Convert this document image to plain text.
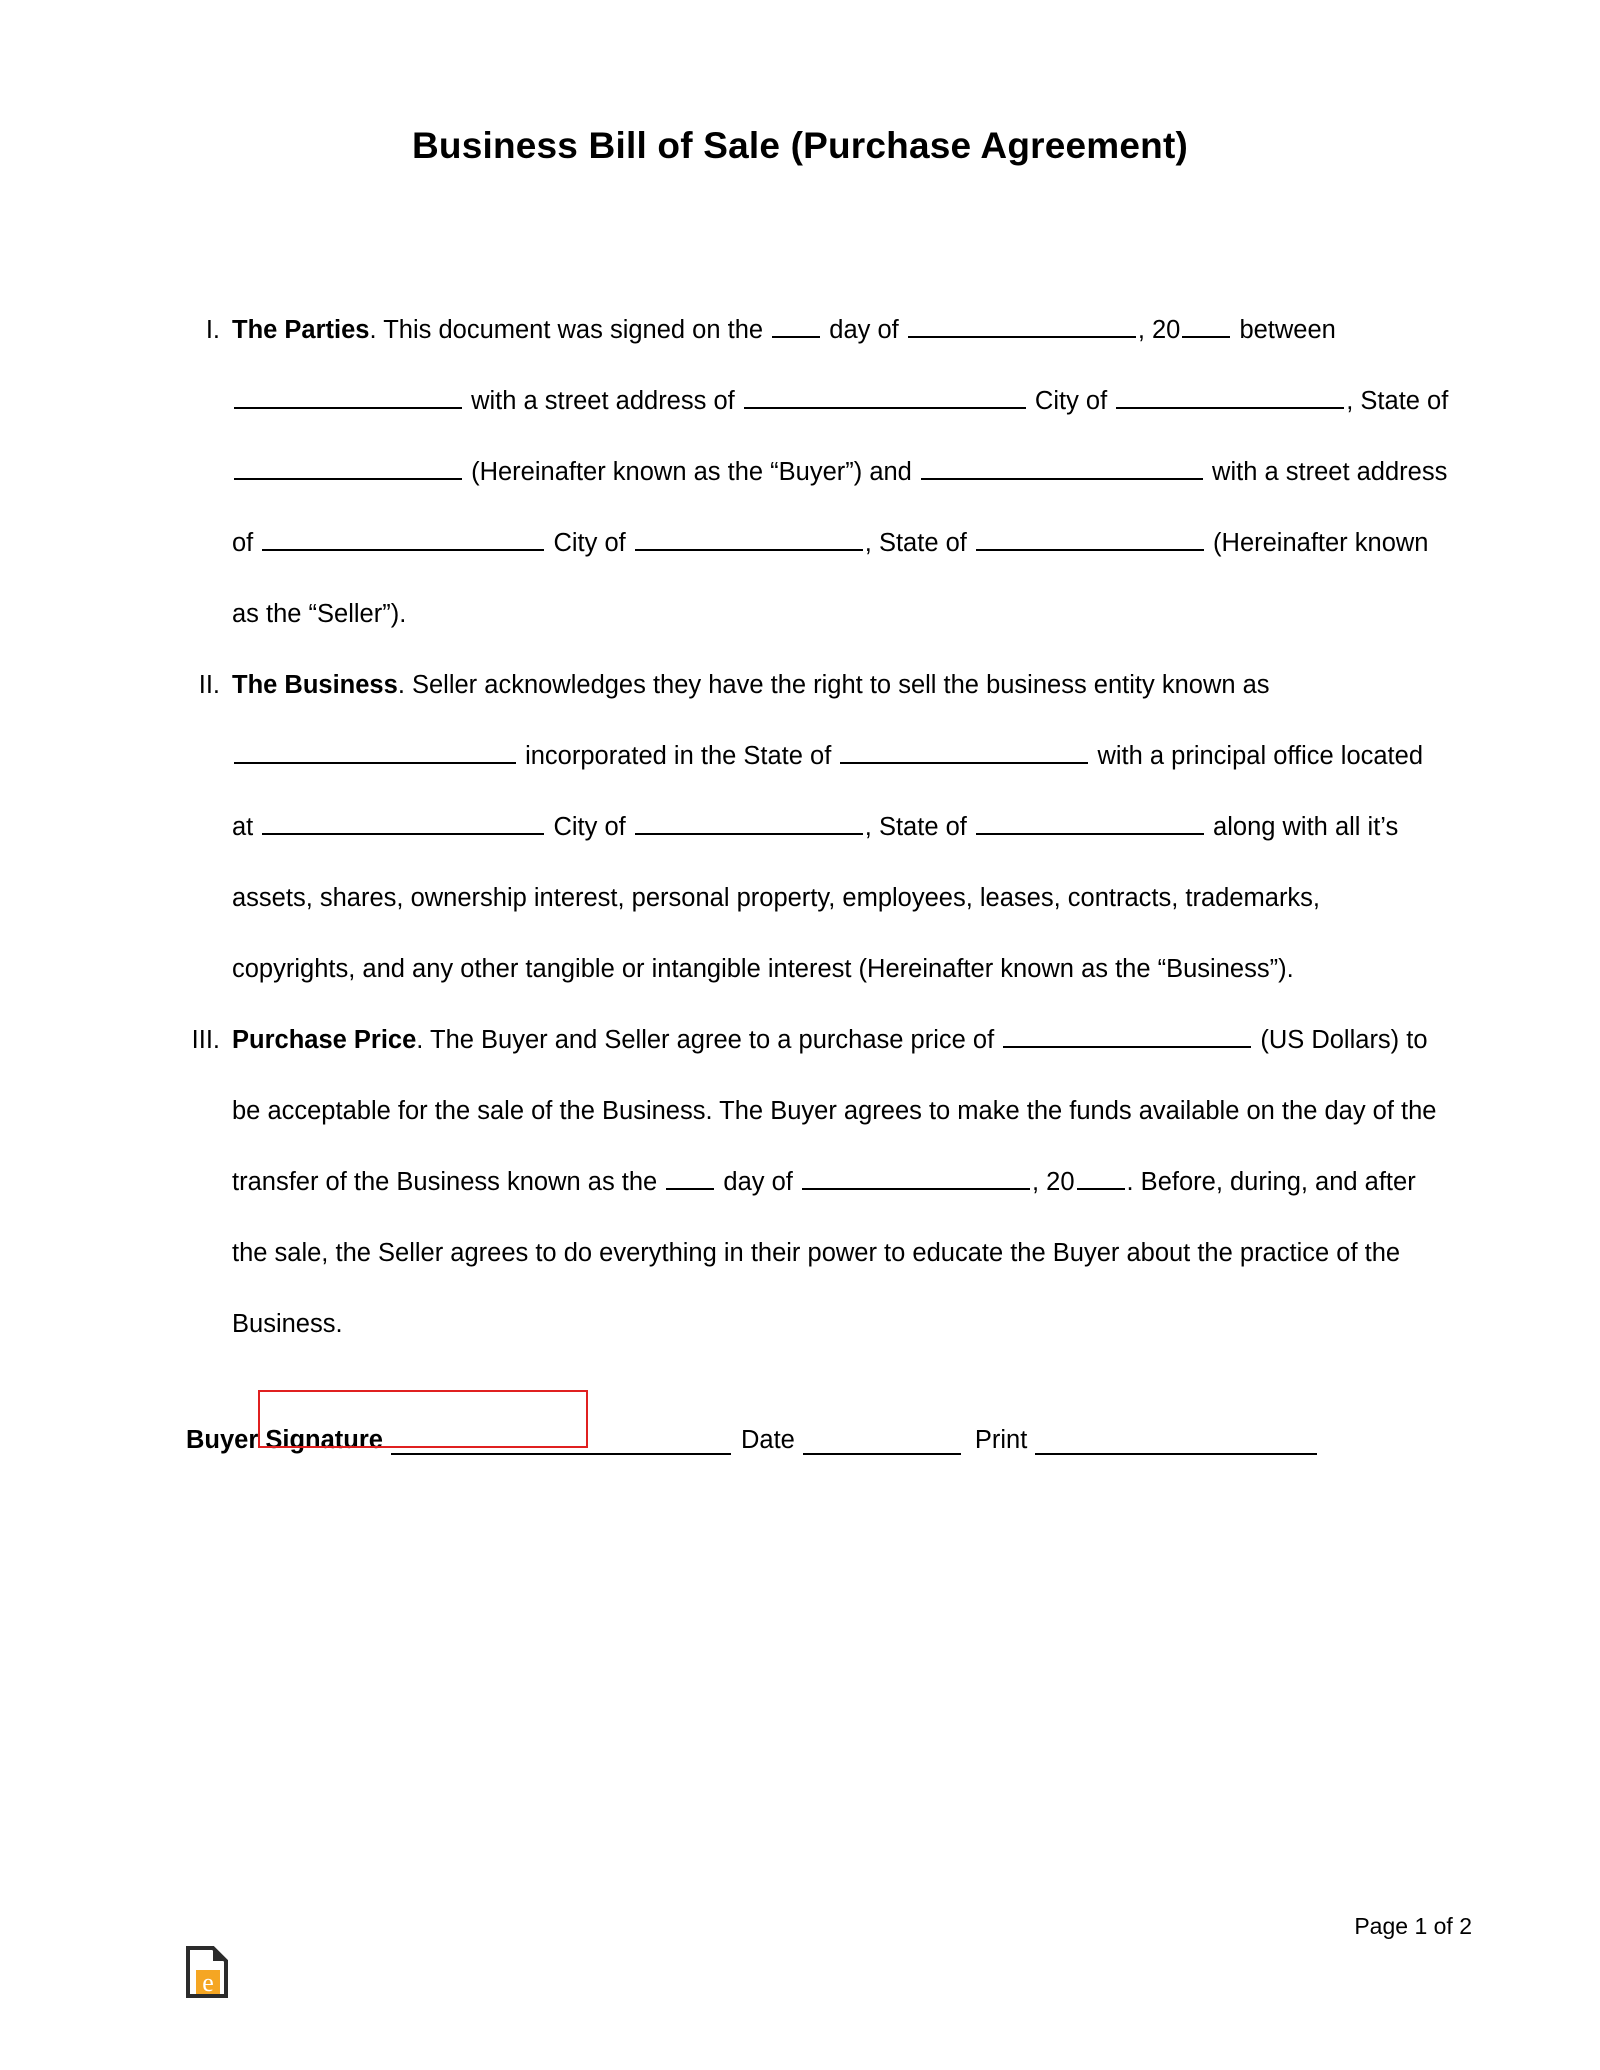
Business Bill of Sale (Purchase Agreement)
I. The Parties. This document was signed on the  day of	, 20 between  with a street address of	City of	, State of  (Hereinafter known as the “Buyer”) and	with a street address of	City of	, State of	(Hereinafter known as the “Seller”).
II. The Business. Seller acknowledges they have the right to sell the business entity known as  incorporated in the State of	with a principal office located at	City of	, State of	along with all it’s assets, shares, ownership interest, personal property, employees, leases, contracts, trademarks, copyrights, and any other tangible or intangible interest (Hereinafter known as the “Business”).
III. Purchase Price. The Buyer and Seller agree to a purchase price of	(US Dollars) to be acceptable for the sale of the Business. The Buyer agrees to make the funds available on the day of the transfer of the Business known as the  day of	, 20 . Before, during, and after the sale, the Seller agrees to do everything in their power to educate the Buyer about the practice of the Business.
Buyer Signature	Date	Print
Page 1 of 2
e
